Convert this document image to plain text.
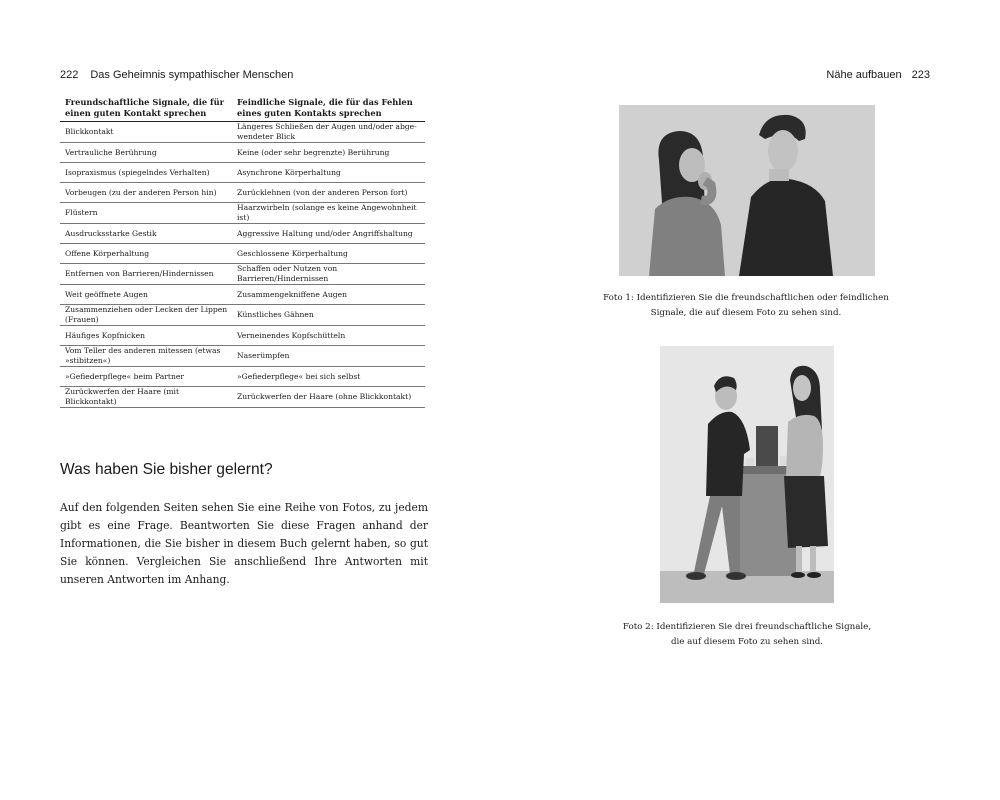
222 Das Geheimnis sympathischer Menschen	Nähe aufbauen 223
Freundschaftliche Signale, die für einen guten Kontakt sprechen	Feindliche Signale, die für das Fehlen eines guten Kontakts sprechen
Blickkontakt	Längeres Schließen der Augen und/oder abge-wendeter Blick
Vertrauliche Berührung	Keine (oder sehr begrenzte) Berührung
Isopraxismus (spiegelndes Verhalten)	Asynchrone Körperhaltung
Vorbeugen (zu der anderen Person hin)	Zurücklehnen (von der anderen Person fort)
Flüstern	Haarzwirbeln (solange es keine Angewohnheit ist)
Ausdrucksstarke Gestik	Aggressive Haltung und/oder Angriffshaltung
Offene Körperhaltung	Geschlossene Körperhaltung
Entfernen von Barrieren/Hindernissen	Schaffen oder Nutzen von Barrieren/Hindernissen
Weit geöffnete Augen	Zusammengekniffene Augen
Zusammenziehen oder Lecken der Lippen (Frauen)	Künstliches Gähnen
Häufiges Kopfnicken	Verneinendes Kopfschütteln
Vom Teller des anderen mitessen (etwas »stibitzen«)	Naserümpfen
»Gefiederpflege« beim Partner	»Gefiederpflege« bei sich selbst
Zurückwerfen der Haare (mit Blickkontakt)	Zurückwerfen der Haare (ohne Blickkontakt)
Was haben Sie bisher gelernt?

Auf den folgenden Seiten sehen Sie eine Reihe von Fotos, zu jedem gibt es eine Frage. Beantworten Sie diese Fragen anhand der Informationen, die Sie bisher in diesem Buch gelernt haben, so gut Sie können. Vergleichen Sie anschließend Ihre Antworten mit unseren Antworten im Anhang.

Foto 1: Identifizieren Sie die freundschaftlichen oder feindlichen
Signale, die auf diesem Foto zu sehen sind.

Foto 2: Identifizieren Sie drei freundschaftliche Signale,
die auf diesem Foto zu sehen sind.
